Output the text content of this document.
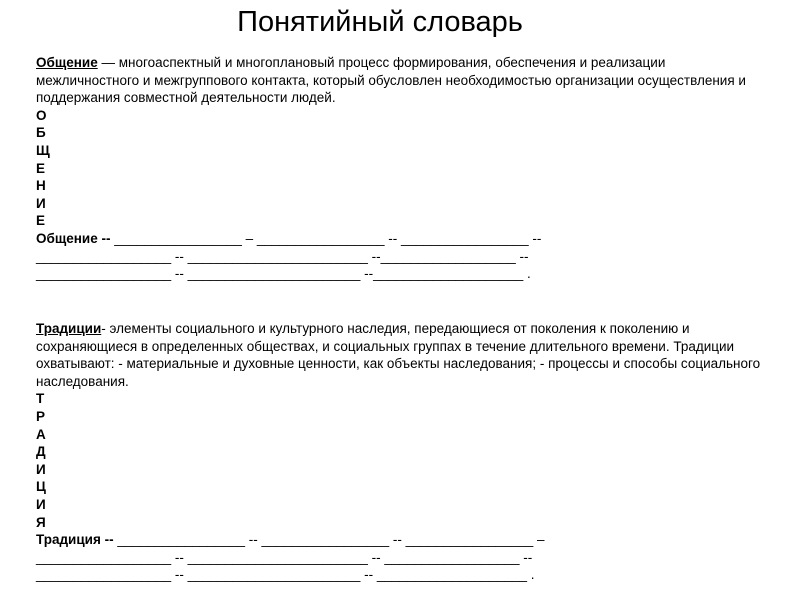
Понятийный словарь

Общение — многоаспектный и многоплановый процесс формирования, обеспечения и реализации межличностного и межгруппового контакта, который обусловлен необходимостью организации осуществления и поддержания совместной деятельности людей.

О
Б
Щ
Е
Н
И
Е
Общение -- _________________ – _________________ -- _________________ --
__________________ -- ________________________ --__________________ --
__________________ -- _______________________ --____________________ .

Традиции- элементы социального и культурного наследия, передающиеся от поколения к поколению и сохраняющиеся в определенных обществах, и социальных группах в течение длительного времени. Традиции охватывают: - материальные и духовные ценности, как объекты наследования; - процессы и способы социального наследования.

Т
Р
А
Д
И
Ц
И
Я
Традиция -- _________________ -- _________________ -- _________________ –
__________________ -- ________________________ -- __________________ --
__________________ -- _______________________ -- ____________________ .
